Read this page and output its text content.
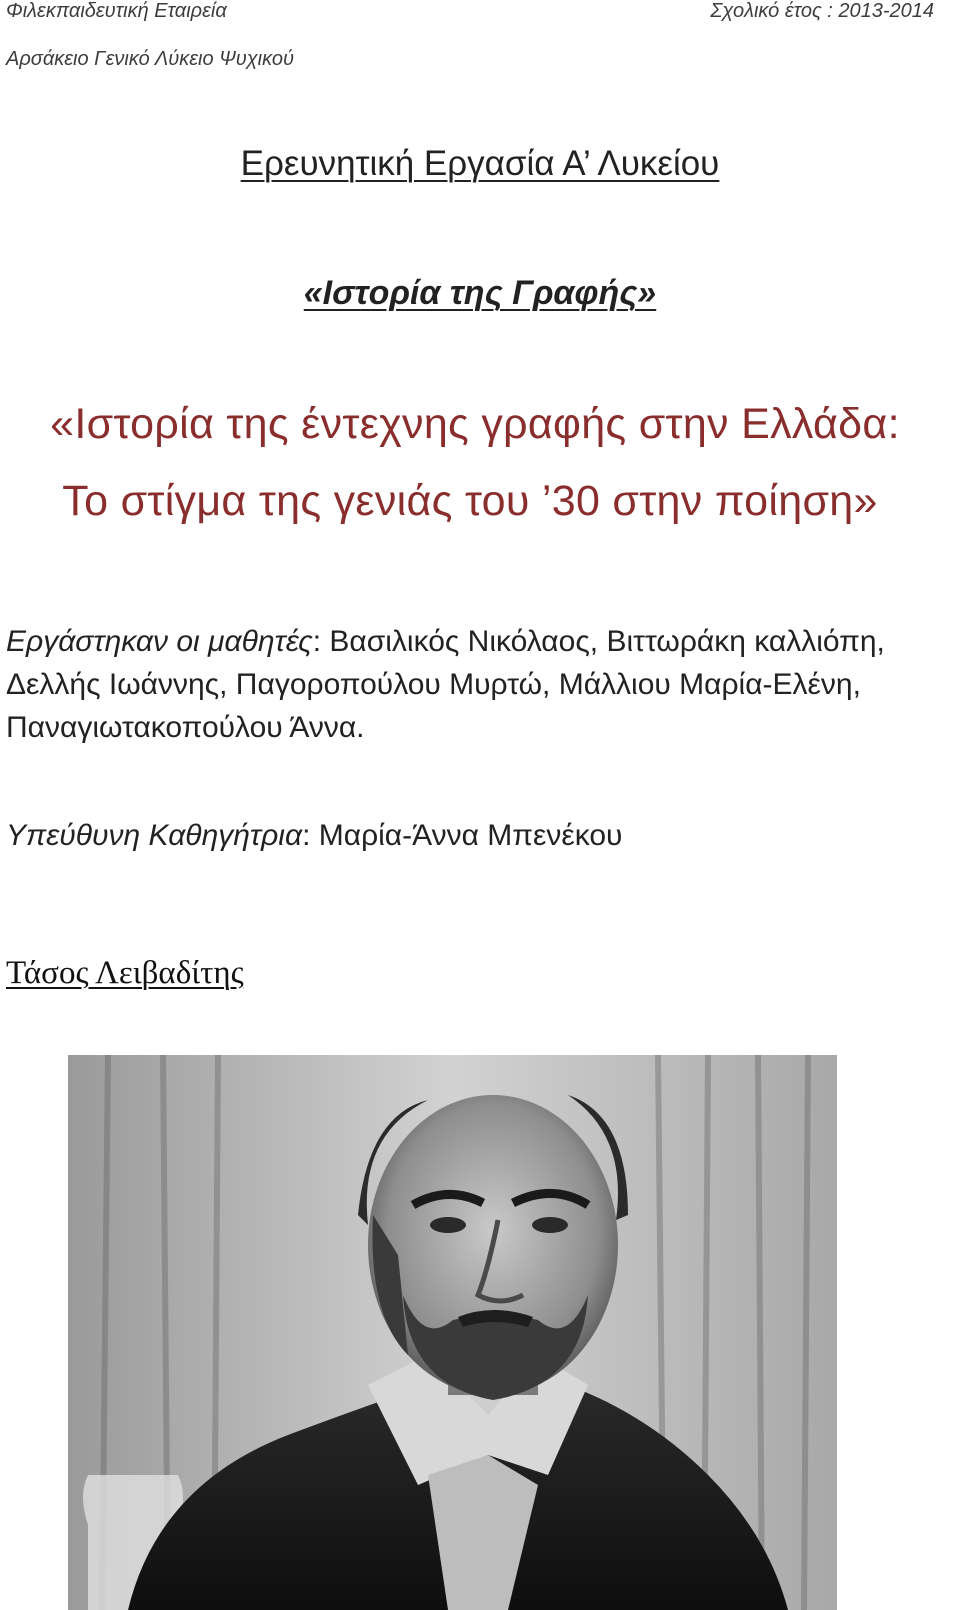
Φιλεκπαιδευτική Εταιρεία	Σχολικό έτος : 2013-2014
Αρσάκειο Γενικό Λύκειο Ψυχικού
Ερευνητική Εργασία Α’ Λυκείου
«Ιστορία της Γραφής»
«Ιστορία της έντεχνης γραφής στην Ελλάδα:
Το στίγμα της γενιάς του ’30 στην ποίηση»
Εργάστηκαν οι μαθητές: Βασιλικός Νικόλαος, Βιττωράκη καλλιόπη, Δελλής Ιωάννης, Παγοροπούλου Μυρτώ, Μάλλιου Μαρία-Ελένη, Παναγιωτακοπούλου Άννα.
Υπεύθυνη Καθηγήτρια: Μαρία-Άννα Μπενέκου
Τάσος Λειβαδίτης
